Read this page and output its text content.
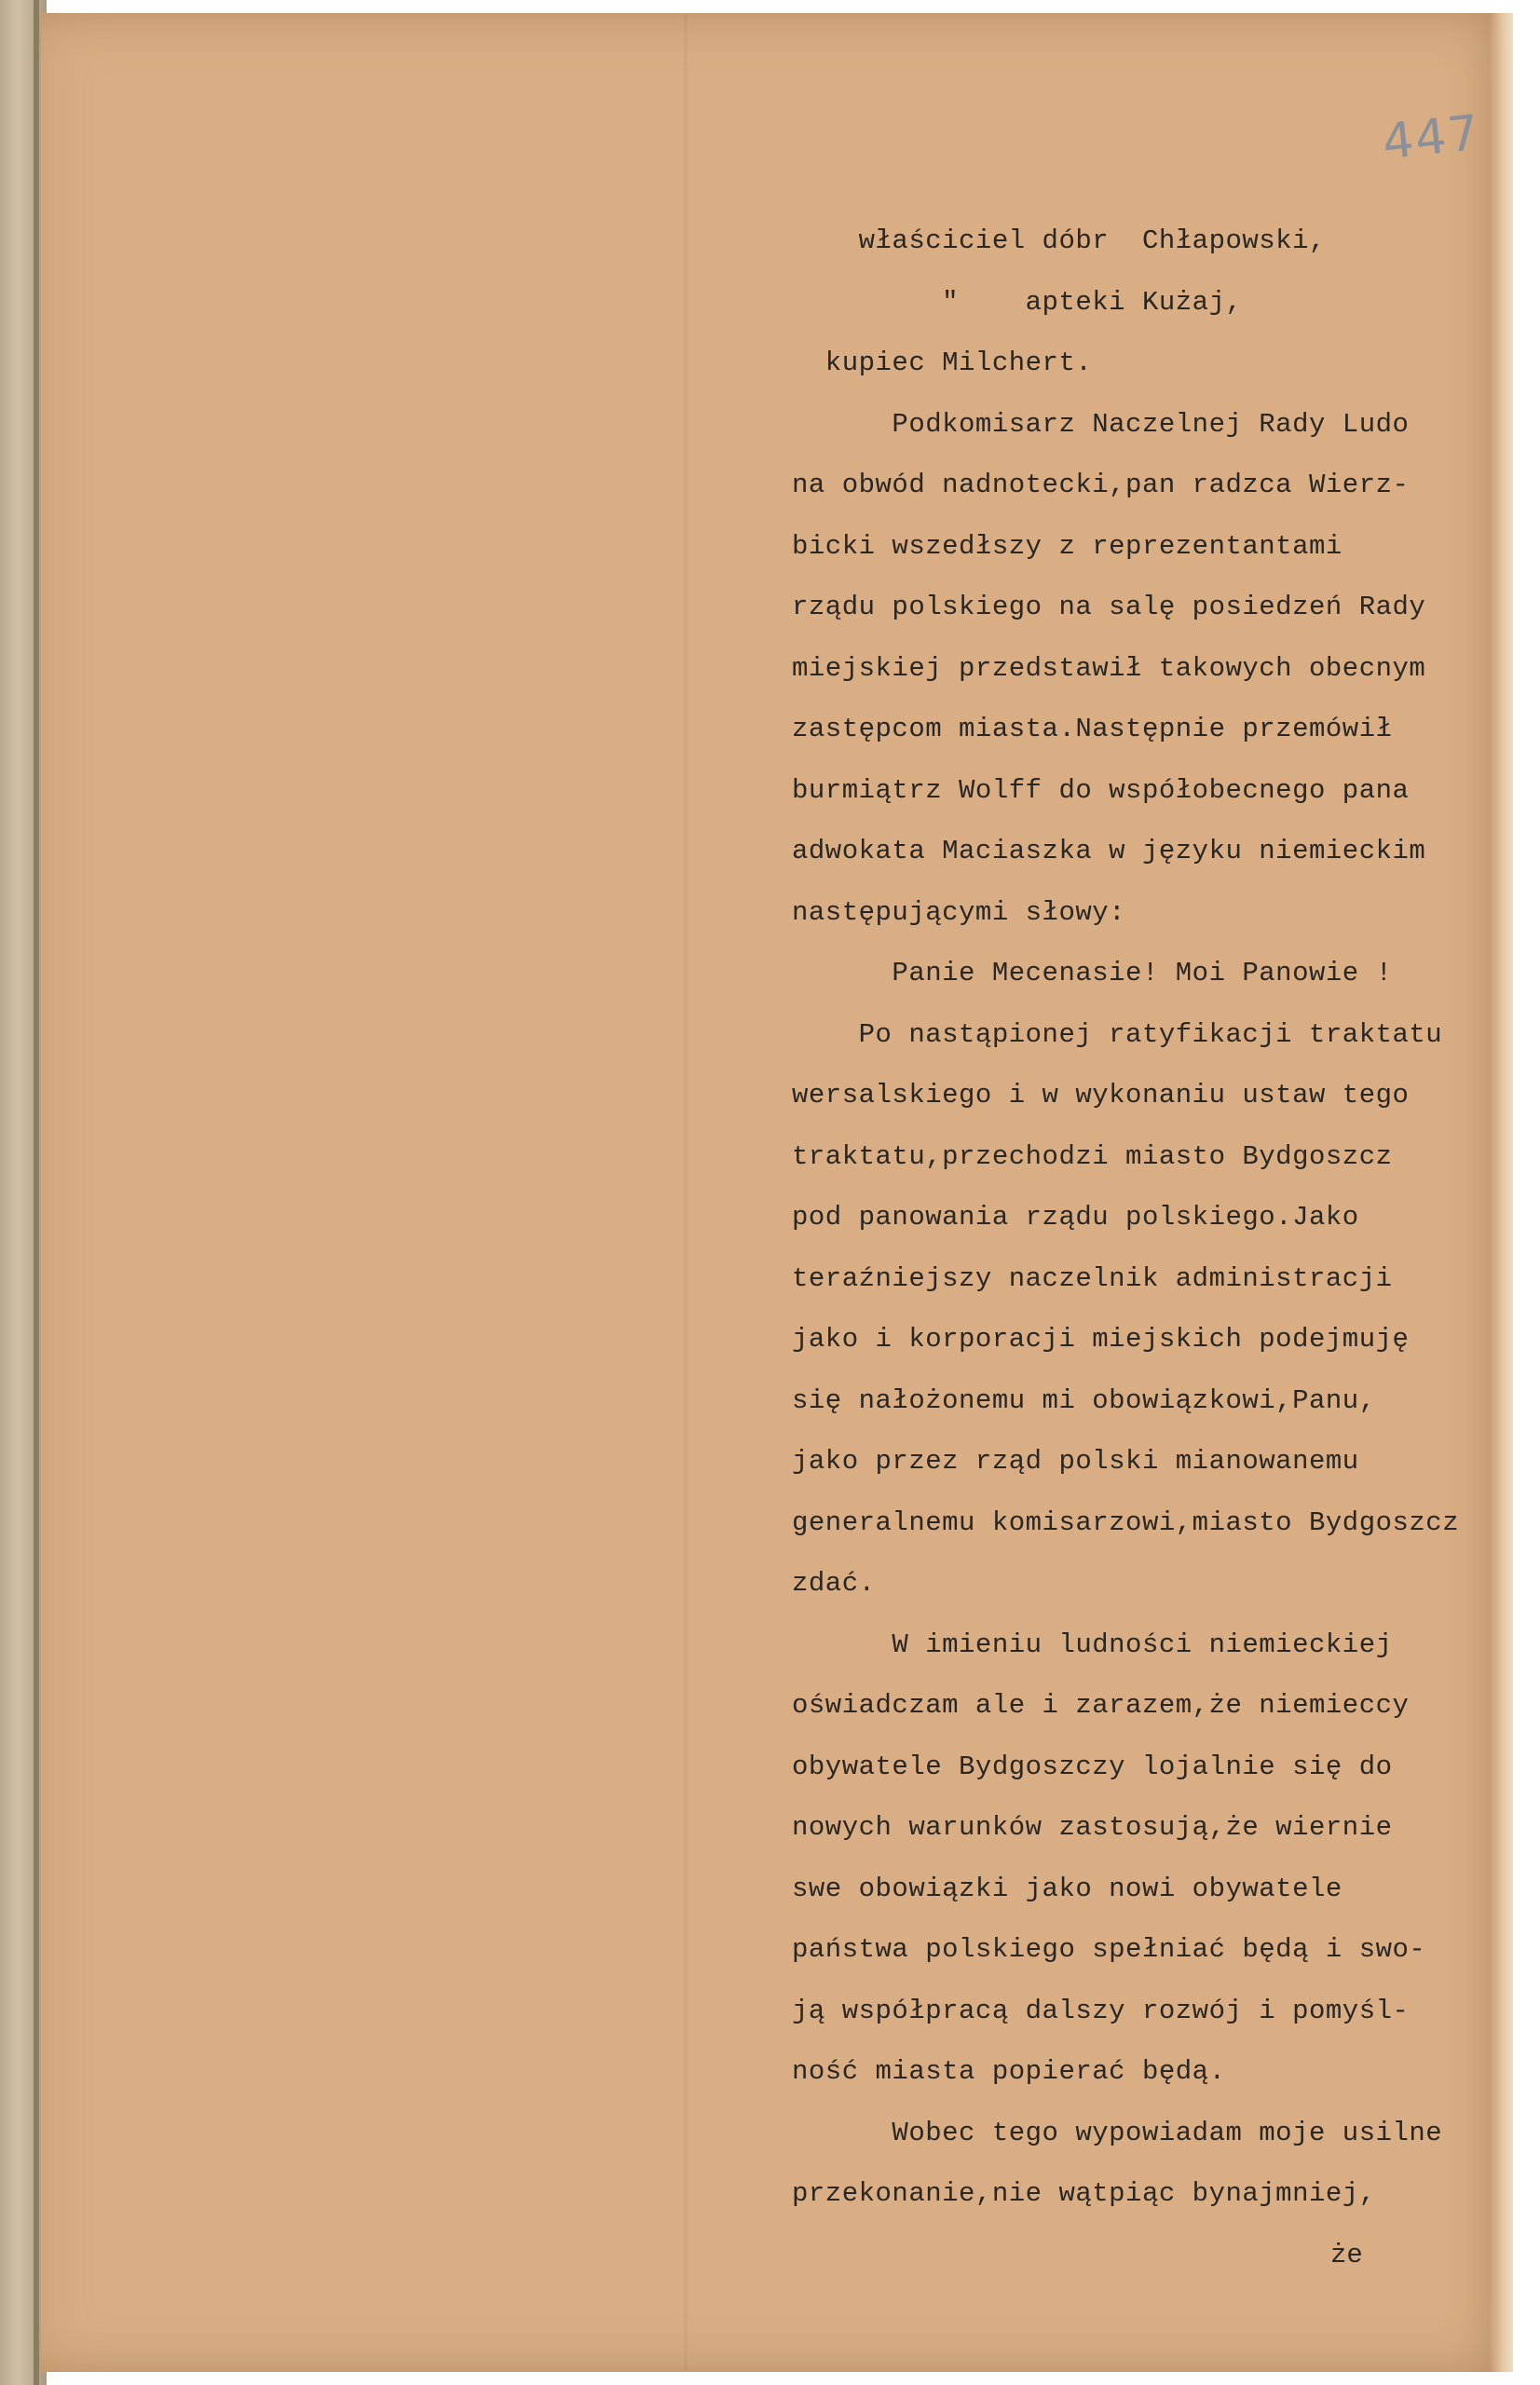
447
właściciel dóbr  Chłapowski,
"    apteki Kużaj,
kupiec Milchert.
Podkomisarz Naczelnej Rady Ludo
na obwód nadnotecki,pan radzca Wierz-
bicki wszedłszy z reprezentantami
rządu polskiego na salę posiedzeń Rady
miejskiej przedstawił takowych obecnym
zastępcom miasta.Następnie przemówił
burmiątrz Wolff do współobecnego pana
adwokata Maciaszka w języku niemieckim
następującymi słowy:
Panie Mecenasie! Moi Panowie !
Po nastąpionej ratyfikacji traktatu
wersalskiego i w wykonaniu ustaw tego
traktatu,przechodzi miasto Bydgoszcz
pod panowania rządu polskiego.Jako
teraźniejszy naczelnik administracji
jako i korporacji miejskich podejmuję
się nałożonemu mi obowiązkowi,Panu,
jako przez rząd polski mianowanemu
generalnemu komisarzowi,miasto Bydgoszcz
zdać.
W imieniu ludności niemieckiej
oświadczam ale i zarazem,że niemieccy
obywatele Bydgoszczy lojalnie się do
nowych warunków zastosują,że wiernie
swe obowiązki jako nowi obywatele
państwa polskiego spełniać będą i swo-
ją współpracą dalszy rozwój i pomyśl-
ność miasta popierać będą.
Wobec tego wypowiadam moje usilne
przekonanie,nie wątpiąc bynajmniej,
że
